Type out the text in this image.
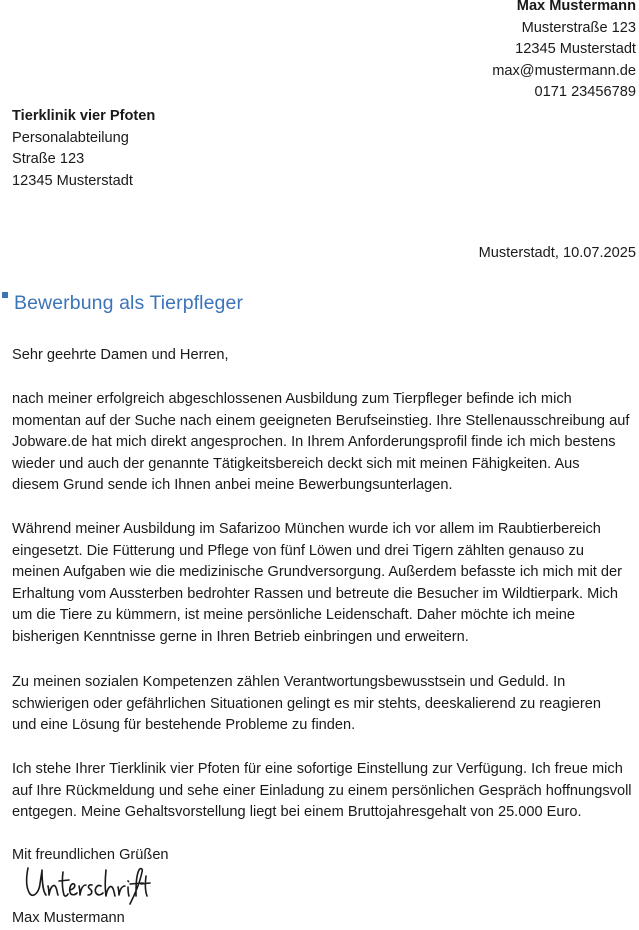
Max Mustermann
Musterstraße 123
12345 Musterstadt
max@mustermann.de
0171 23456789
Tierklinik vier Pfoten
Personalabteilung
Straße 123
12345 Musterstadt
Musterstadt, 10.07.2025
Bewerbung als Tierpfleger
Sehr geehrte Damen und Herren,
nach meiner erfolgreich abgeschlossenen Ausbildung zum Tierpfleger befinde ich mich
momentan auf der Suche nach einem geeigneten Berufseinstieg. Ihre Stellenausschreibung auf
Jobware.de hat mich direkt angesprochen. In Ihrem Anforderungsprofil finde ich mich bestens
wieder und auch der genannte Tätigkeitsbereich deckt sich mit meinen Fähigkeiten. Aus
diesem Grund sende ich Ihnen anbei meine Bewerbungsunterlagen.
Während meiner Ausbildung im Safarizoo München wurde ich vor allem im Raubtierbereich
eingesetzt. Die Fütterung und Pflege von fünf Löwen und drei Tigern zählten genauso zu
meinen Aufgaben wie die medizinische Grundversorgung. Außerdem befasste ich mich mit der
Erhaltung vom Aussterben bedrohter Rassen und betreute die Besucher im Wildtierpark. Mich
um die Tiere zu kümmern, ist meine persönliche Leidenschaft. Daher möchte ich meine
bisherigen Kenntnisse gerne in Ihren Betrieb einbringen und erweitern.
Zu meinen sozialen Kompetenzen zählen Verantwortungsbewusstsein und Geduld. In
schwierigen oder gefährlichen Situationen gelingt es mir stehts, deeskalierend zu reagieren
und eine Lösung für bestehende Probleme zu finden.
Ich stehe Ihrer Tierklinik vier Pfoten für eine sofortige Einstellung zur Verfügung. Ich freue mich
auf Ihre Rückmeldung und sehe einer Einladung zu einem persönlichen Gespräch hoffnungsvoll
entgegen. Meine Gehaltsvorstellung liegt bei einem Bruttojahresgehalt von 25.000 Euro.
Mit freundlichen Grüßen
Max Mustermann
